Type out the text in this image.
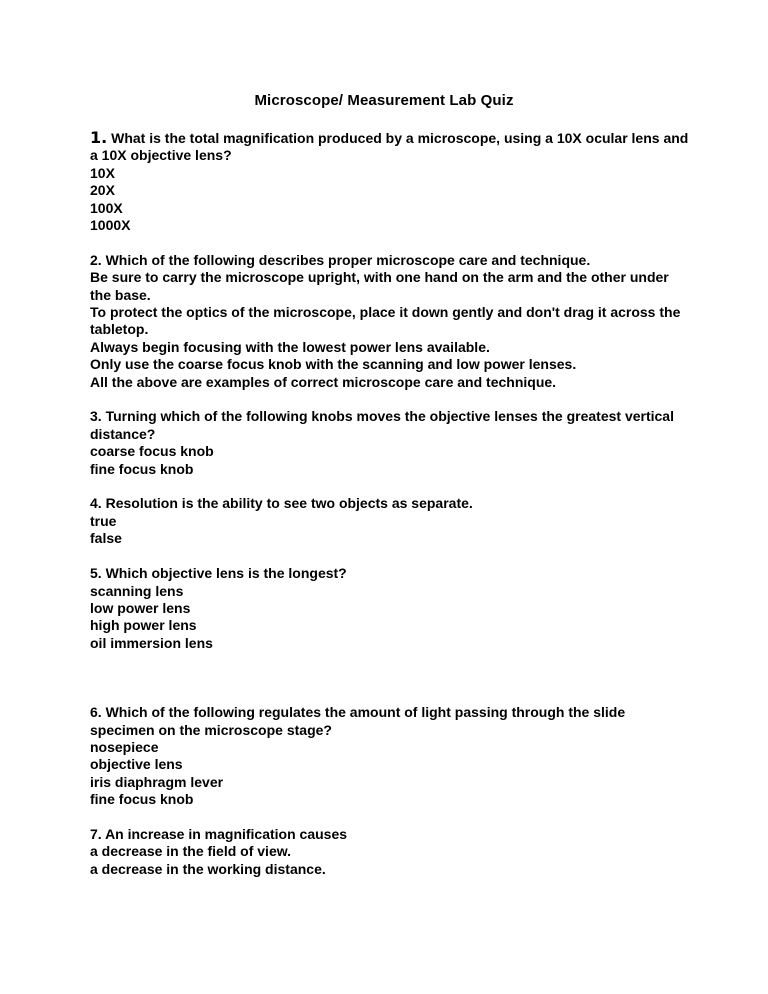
Microscope/ Measurement Lab Quiz
1. What is the total magnification produced by a microscope, using a 10X ocular lens and a 10X objective lens?
10X
20X
100X
1000X
2. Which of the following describes proper microscope care and technique.
Be sure to carry the microscope upright, with one hand on the arm and the other under the base.
To protect the optics of the microscope, place it down gently and don't drag it across the tabletop.
Always begin focusing with the lowest power lens available.
Only use the coarse focus knob with the scanning and low power lenses.
All the above are examples of correct microscope care and technique.
3. Turning which of the following knobs moves the objective lenses the greatest vertical distance?
coarse focus knob
fine focus knob
4. Resolution is the ability to see two objects as separate.
true
false
5. Which objective lens is the longest?
scanning lens
low power lens
high power lens
oil immersion lens
6. Which of the following regulates the amount of light passing through the slide specimen on the microscope stage?
nosepiece
objective lens
iris diaphragm lever
fine focus knob
7. An increase in magnification causes
a decrease in the field of view.
a decrease in the working distance.
